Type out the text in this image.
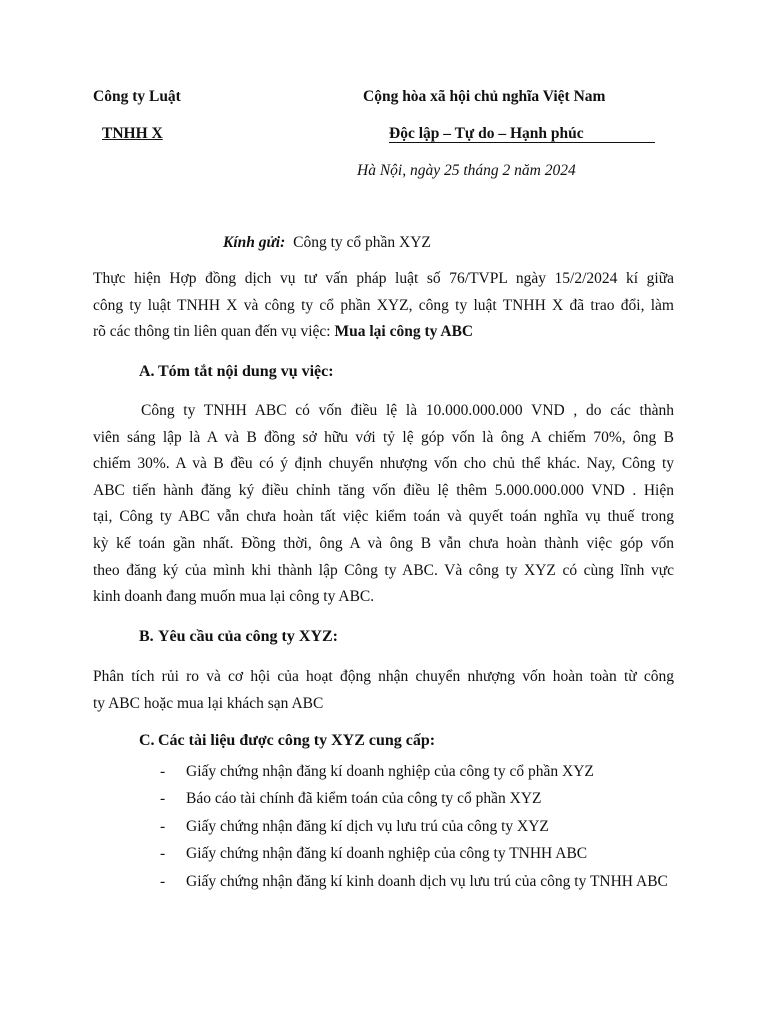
Công ty Luật
TNHH X
Cộng hòa xã hội chủ nghĩa Việt Nam
Độc lập – Tự do – Hạnh phúc
Hà Nội, ngày 25 tháng 2 năm 2024
Kính gửi: Công ty cổ phần XYZ
Thực hiện Hợp đồng dịch vụ tư vấn pháp luật số 76/TVPL ngày 15/2/2024 kí giữa
công ty luật TNHH X và công ty cổ phần XYZ, công ty luật TNHH X đã trao đổi, làm
rõ các thông tin liên quan đến vụ việc: Mua lại công ty ABC
A. Tóm tắt nội dung vụ việc:
Công ty TNHH ABC có vốn điều lệ là 10.000.000.000 VND , do các thành
viên sáng lập là A và B đồng sở hữu với tỷ lệ góp vốn là ông A chiếm 70%, ông B
chiếm 30%. A và B đều có ý định chuyển nhượng vốn cho chủ thể khác. Nay, Công ty
ABC tiến hành đăng ký điều chỉnh tăng vốn điều lệ thêm 5.000.000.000 VND . Hiện
tại, Công ty ABC vẫn chưa hoàn tất việc kiểm toán và quyết toán nghĩa vụ thuế trong
kỳ kế toán gần nhất. Đồng thời, ông A và ông B vẫn chưa hoàn thành việc góp vốn
theo đăng ký của mình khi thành lập Công ty ABC. Và công ty XYZ có cùng lĩnh vực
kinh doanh đang muốn mua lại công ty ABC.
B. Yêu cầu của công ty XYZ:
Phân tích rủi ro và cơ hội của hoạt động nhận chuyển nhượng vốn hoàn toàn từ công
ty ABC hoặc mua lại khách sạn ABC
C. Các tài liệu được công ty XYZ cung cấp:
- Giấy chứng nhận đăng kí doanh nghiệp của công ty cổ phần XYZ
- Báo cáo tài chính đã kiểm toán của công ty cổ phần XYZ
- Giấy chứng nhận đăng kí dịch vụ lưu trú của công ty XYZ
- Giấy chứng nhận đăng kí doanh nghiệp của công ty TNHH ABC
- Giấy chứng nhận đăng kí kinh doanh dịch vụ lưu trú của công ty TNHH ABC
